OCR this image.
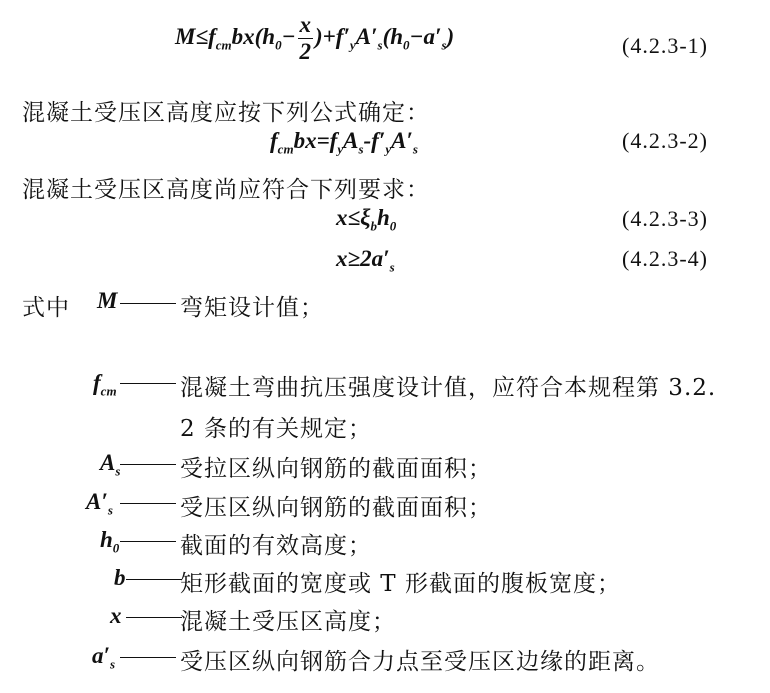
$M\le f_{cm}bx(h_0- \frac{x}{2} )+f'_yA'_s(h_0-a'_s)$	(4.2.3-1)
混凝土受压区高度应按下列公式确定：
$f_{cm}bx=f_yA_s-f'_yA'_s$	(4.2.3-2)
混凝土受压区高度尚应符合下列要求：
$x\le\xi_bh_0$	(4.2.3-3)
$x\ge 2a'_s$	(4.2.3-4)
式中 M	弯矩设计值；
$f_{cm}$	混凝土弯曲抗压强度设计值，应符合本规程第 3.2.
2 条的有关规定；
$A_s$	受拉区纵向钢筋的截面面积；
$A'_s$	受压区纵向钢筋的截面面积；
$h_0$	截面的有效高度；
b 矩形截面的宽度或 T 形截面的腹板宽度；
x	混凝土受压区高度；
$a'_s$	受压区纵向钢筋合力点至受压区边缘的距离。
